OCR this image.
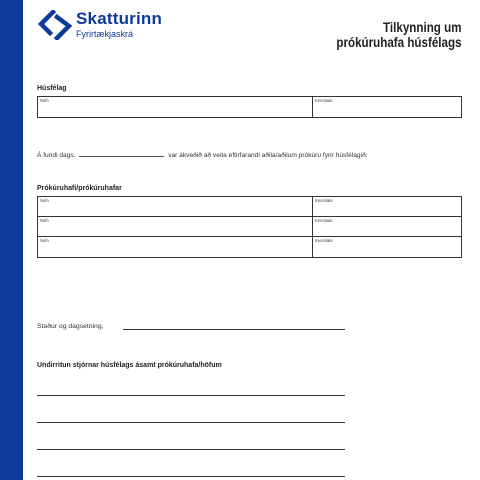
Skatturinn
Fyrirtækjaskrá	Tilkynning um
prókúruhafa húsfélags
Húsfélag
Nafn	Kennitala
Á fundi dags.	var ákveðið að veita eftirfarandi aðila/aðilum prókúru fyrir húsfélagið:
Prókúruhafi/prókúruhafar
Nafn	Kennitala
Nafn	Kennitala
Nafn	Kennitala
Staður og dagsetning,
Undirritun stjórnar húsfélags ásamt prókúruhafa/höfum
